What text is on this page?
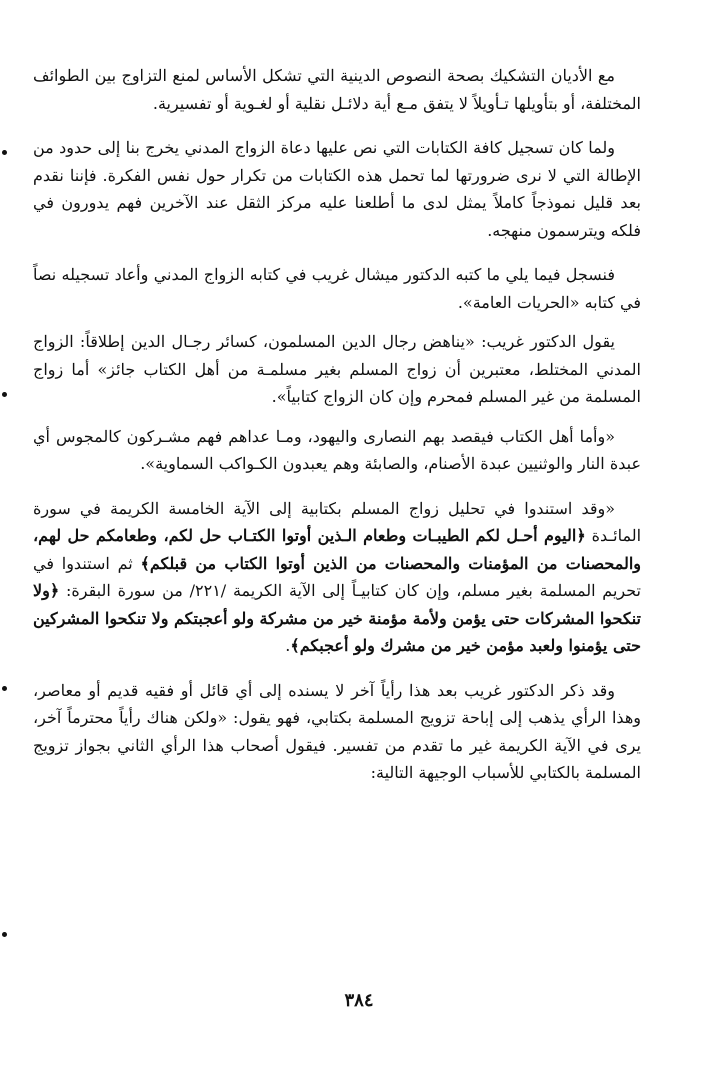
مع الأديان التشكيك بصحة النصوص الدينية التي تشكل الأساس لمنع التزاوج بين الطوائف المختلفة، أو بتأويلها تـأويلاً لا يتفق مـع أية دلائـل نقلية أو لغـوية أو تفسيرية.

ولما كان تسجيل كافة الكتابات التي نص عليها دعاة الزواج المدني يخرج بنا إلى حدود من الإطالة التي لا نرى ضرورتها لما تحمل هذه الكتابات من تكرار حول نفس الفكرة. فإننا نقدم بعد قليل نموذجاً كاملاً يمثل لدى ما أطلعنا عليه مركز الثقل عند الآخرين فهم يدورون في فلكه ويترسمون منهجه.

فنسجل فيما يلي ما كتبه الدكتور ميشال غريب في كتابه الزواج المدني وأعاد تسجيله نصاً في كتابه «الحريات العامة».

يقول الدكتور غريب: «يناهض رجال الدين المسلمون، كسائر رجـال الدين إطلاقاً: الزواج المدني المختلط، معتبرين أن زواج المسلم بغير مسلمـة من أهل الكتاب جائز» أما زواج المسلمة من غير المسلم فمحرم وإن كان الزواج كتابياً».

«وأما أهل الكتاب فيقصد بهم النصارى واليهود، ومـا عداهم فهم مشـركون كالمجوس أي عبدة النار والوثنيين عبدة الأصنام، والصابئة وهم يعبدون الكـواكب السماوية».

«وقد استندوا في تحليل زواج المسلم بكتابية إلى الآية الخامسة الكريمة في سورة المائـدة ﴿اليوم أحـل لكم الطيبـات وطعام الـذين أوتوا الكتـاب حل لكم، وطعامكم حل لهم، والمحصنات من المؤمنات والمحصنات من الذين أوتوا الكتاب من قبلكم﴾ ثم استندوا في تحريم المسلمة بغير مسلم، وإن كان كتابيـاً إلى الآية الكريمة /٢٢١/ من سورة البقرة: ﴿ولا تنكحوا المشركات حتى يؤمن ولأمة مؤمنة خير من مشركة ولو أعجبتكم ولا تنكحوا المشركين حتى يؤمنوا ولعبد مؤمن خير من مشرك ولو أعجبكم﴾.

وقد ذكر الدكتور غريب بعد هذا رأياً آخر لا يسنده إلى أي قائل أو فقيه قديم أو معاصر، وهذا الرأي يذهب إلى إباحة تزويج المسلمة بكتابي، فهو يقول: «ولكن هناك رأياً محترماً آخر، يرى في الآية الكريمة غير ما تقدم من تفسير. فيقول أصحاب هذا الرأي الثاني بجواز تزويج المسلمة بالكتابي للأسباب الوجيهة التالية:

٣٨٤
